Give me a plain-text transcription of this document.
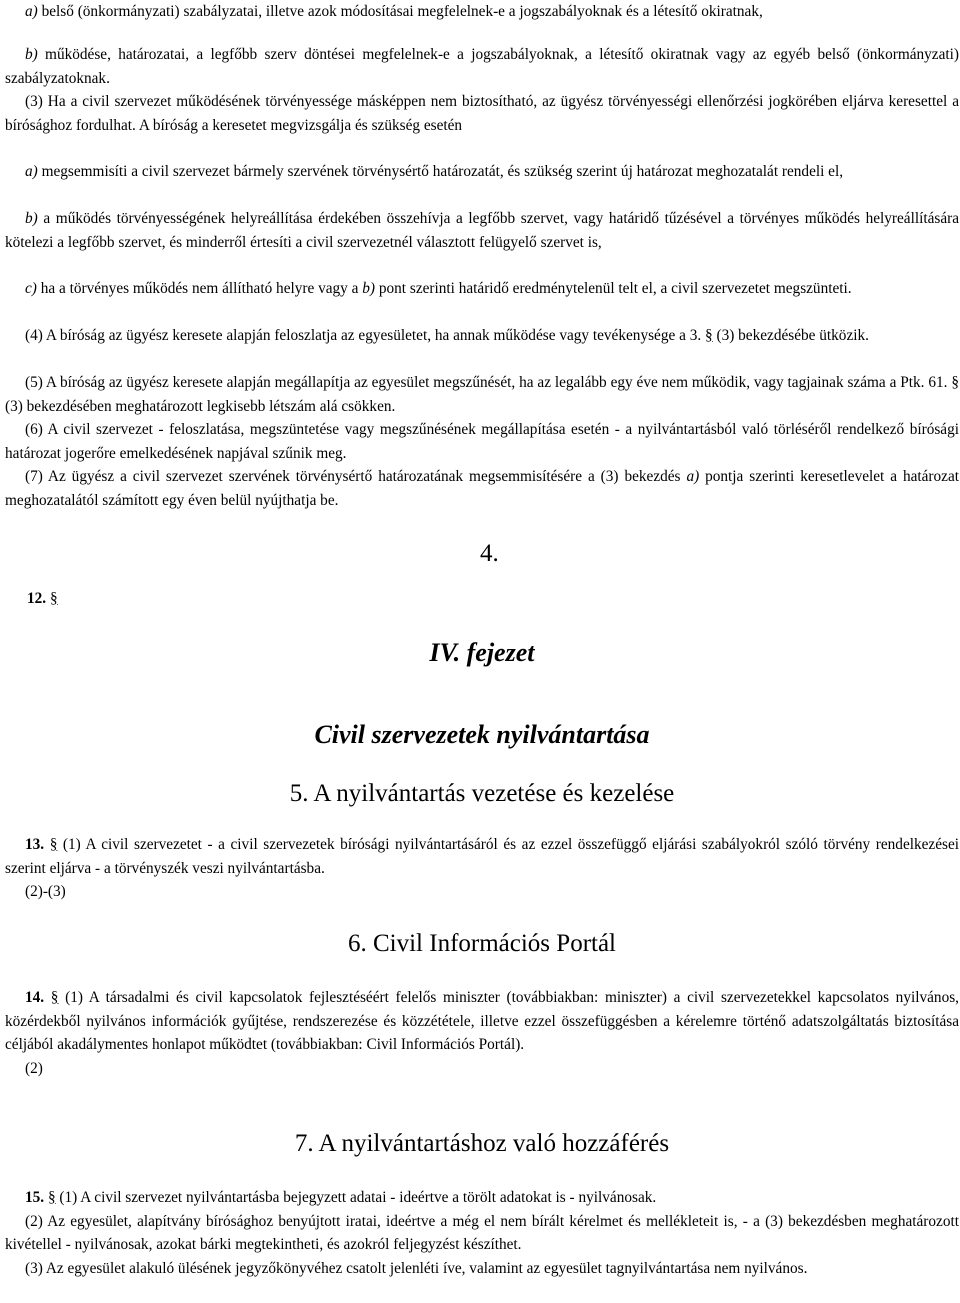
a) belső (önkormányzati) szabályzatai, illetve azok módosításai megfelelnek-e a jogszabályoknak és a létesítő okiratnak,

b) működése, határozatai, a legfőbb szerv döntései megfelelnek-e a jogszabályoknak, a létesítő okiratnak vagy az egyéb belső (önkormányzati) szabályzatoknak.

(3) Ha a civil szervezet működésének törvényessége másképpen nem biztosítható, az ügyész törvényességi ellenőrzési jogkörében eljárva keresettel a bírósághoz fordulhat. A bíróság a keresetet megvizsgálja és szükség esetén

a) megsemmisíti a civil szervezet bármely szervének törvénysértő határozatát, és szükség szerint új határozat meghozatalát rendeli el,

b) a működés törvényességének helyreállítása érdekében összehívja a legfőbb szervet, vagy határidő tűzésével a törvényes működés helyreállítására kötelezi a legfőbb szervet, és minderről értesíti a civil szervezetnél választott felügyelő szervet is,

c) ha a törvényes működés nem állítható helyre vagy a b) pont szerinti határidő eredménytelenül telt el, a civil szervezetet megszünteti.

(4) A bíróság az ügyész keresete alapján feloszlatja az egyesületet, ha annak működése vagy tevékenysége a 3. § (3) bekezdésébe ütközik.

(5) A bíróság az ügyész keresete alapján megállapítja az egyesület megszűnését, ha az legalább egy éve nem működik, vagy tagjainak száma a Ptk. 61. § (3) bekezdésében meghatározott legkisebb létszám alá csökken.

(6) A civil szervezet - feloszlatása, megszüntetése vagy megszűnésének megállapítása esetén - a nyilvántartásból való törléséről rendelkező bírósági határozat jogerőre emelkedésének napjával szűnik meg.

(7) Az ügyész a civil szervezet szervének törvénysértő határozatának megsemmisítésére a (3) bekezdés a) pontja szerinti keresetlevelet a határozat meghozatalától számított egy éven belül nyújthatja be.

4.
12. §
IV. fejezet
Civil szervezetek nyilvántartása
5. A nyilvántartás vezetése és kezelése

13. § (1) A civil szervezetet - a civil szervezetek bírósági nyilvántartásáról és az ezzel összefüggő eljárási szabályokról szóló törvény rendelkezései szerint eljárva - a törvényszék veszi nyilvántartásba.

(2)-(3)

6. Civil Információs Portál

14. § (1) A társadalmi és civil kapcsolatok fejlesztéséért felelős miniszter (továbbiakban: miniszter) a civil szervezetekkel kapcsolatos nyilvános, közérdekből nyilvános információk gyűjtése, rendszerezése és közzététele, illetve ezzel összefüggésben a kérelemre történő adatszolgáltatás biztosítása céljából akadálymentes honlapot működtet (továbbiakban: Civil Információs Portál).

(2)

7. A nyilvántartáshoz való hozzáférés

15. § (1) A civil szervezet nyilvántartásba bejegyzett adatai - ideértve a törölt adatokat is - nyilvánosak.

(2) Az egyesület, alapítvány bírósághoz benyújtott iratai, ideértve a még el nem bírált kérelmet és mellékleteit is, - a (3) bekezdésben meghatározott kivétellel - nyilvánosak, azokat bárki megtekintheti, és azokról feljegyzést készíthet.

(3) Az egyesület alakuló ülésének jegyzőkönyvéhez csatolt jelenléti íve, valamint az egyesület tagnyilvántartása nem nyilvános.
